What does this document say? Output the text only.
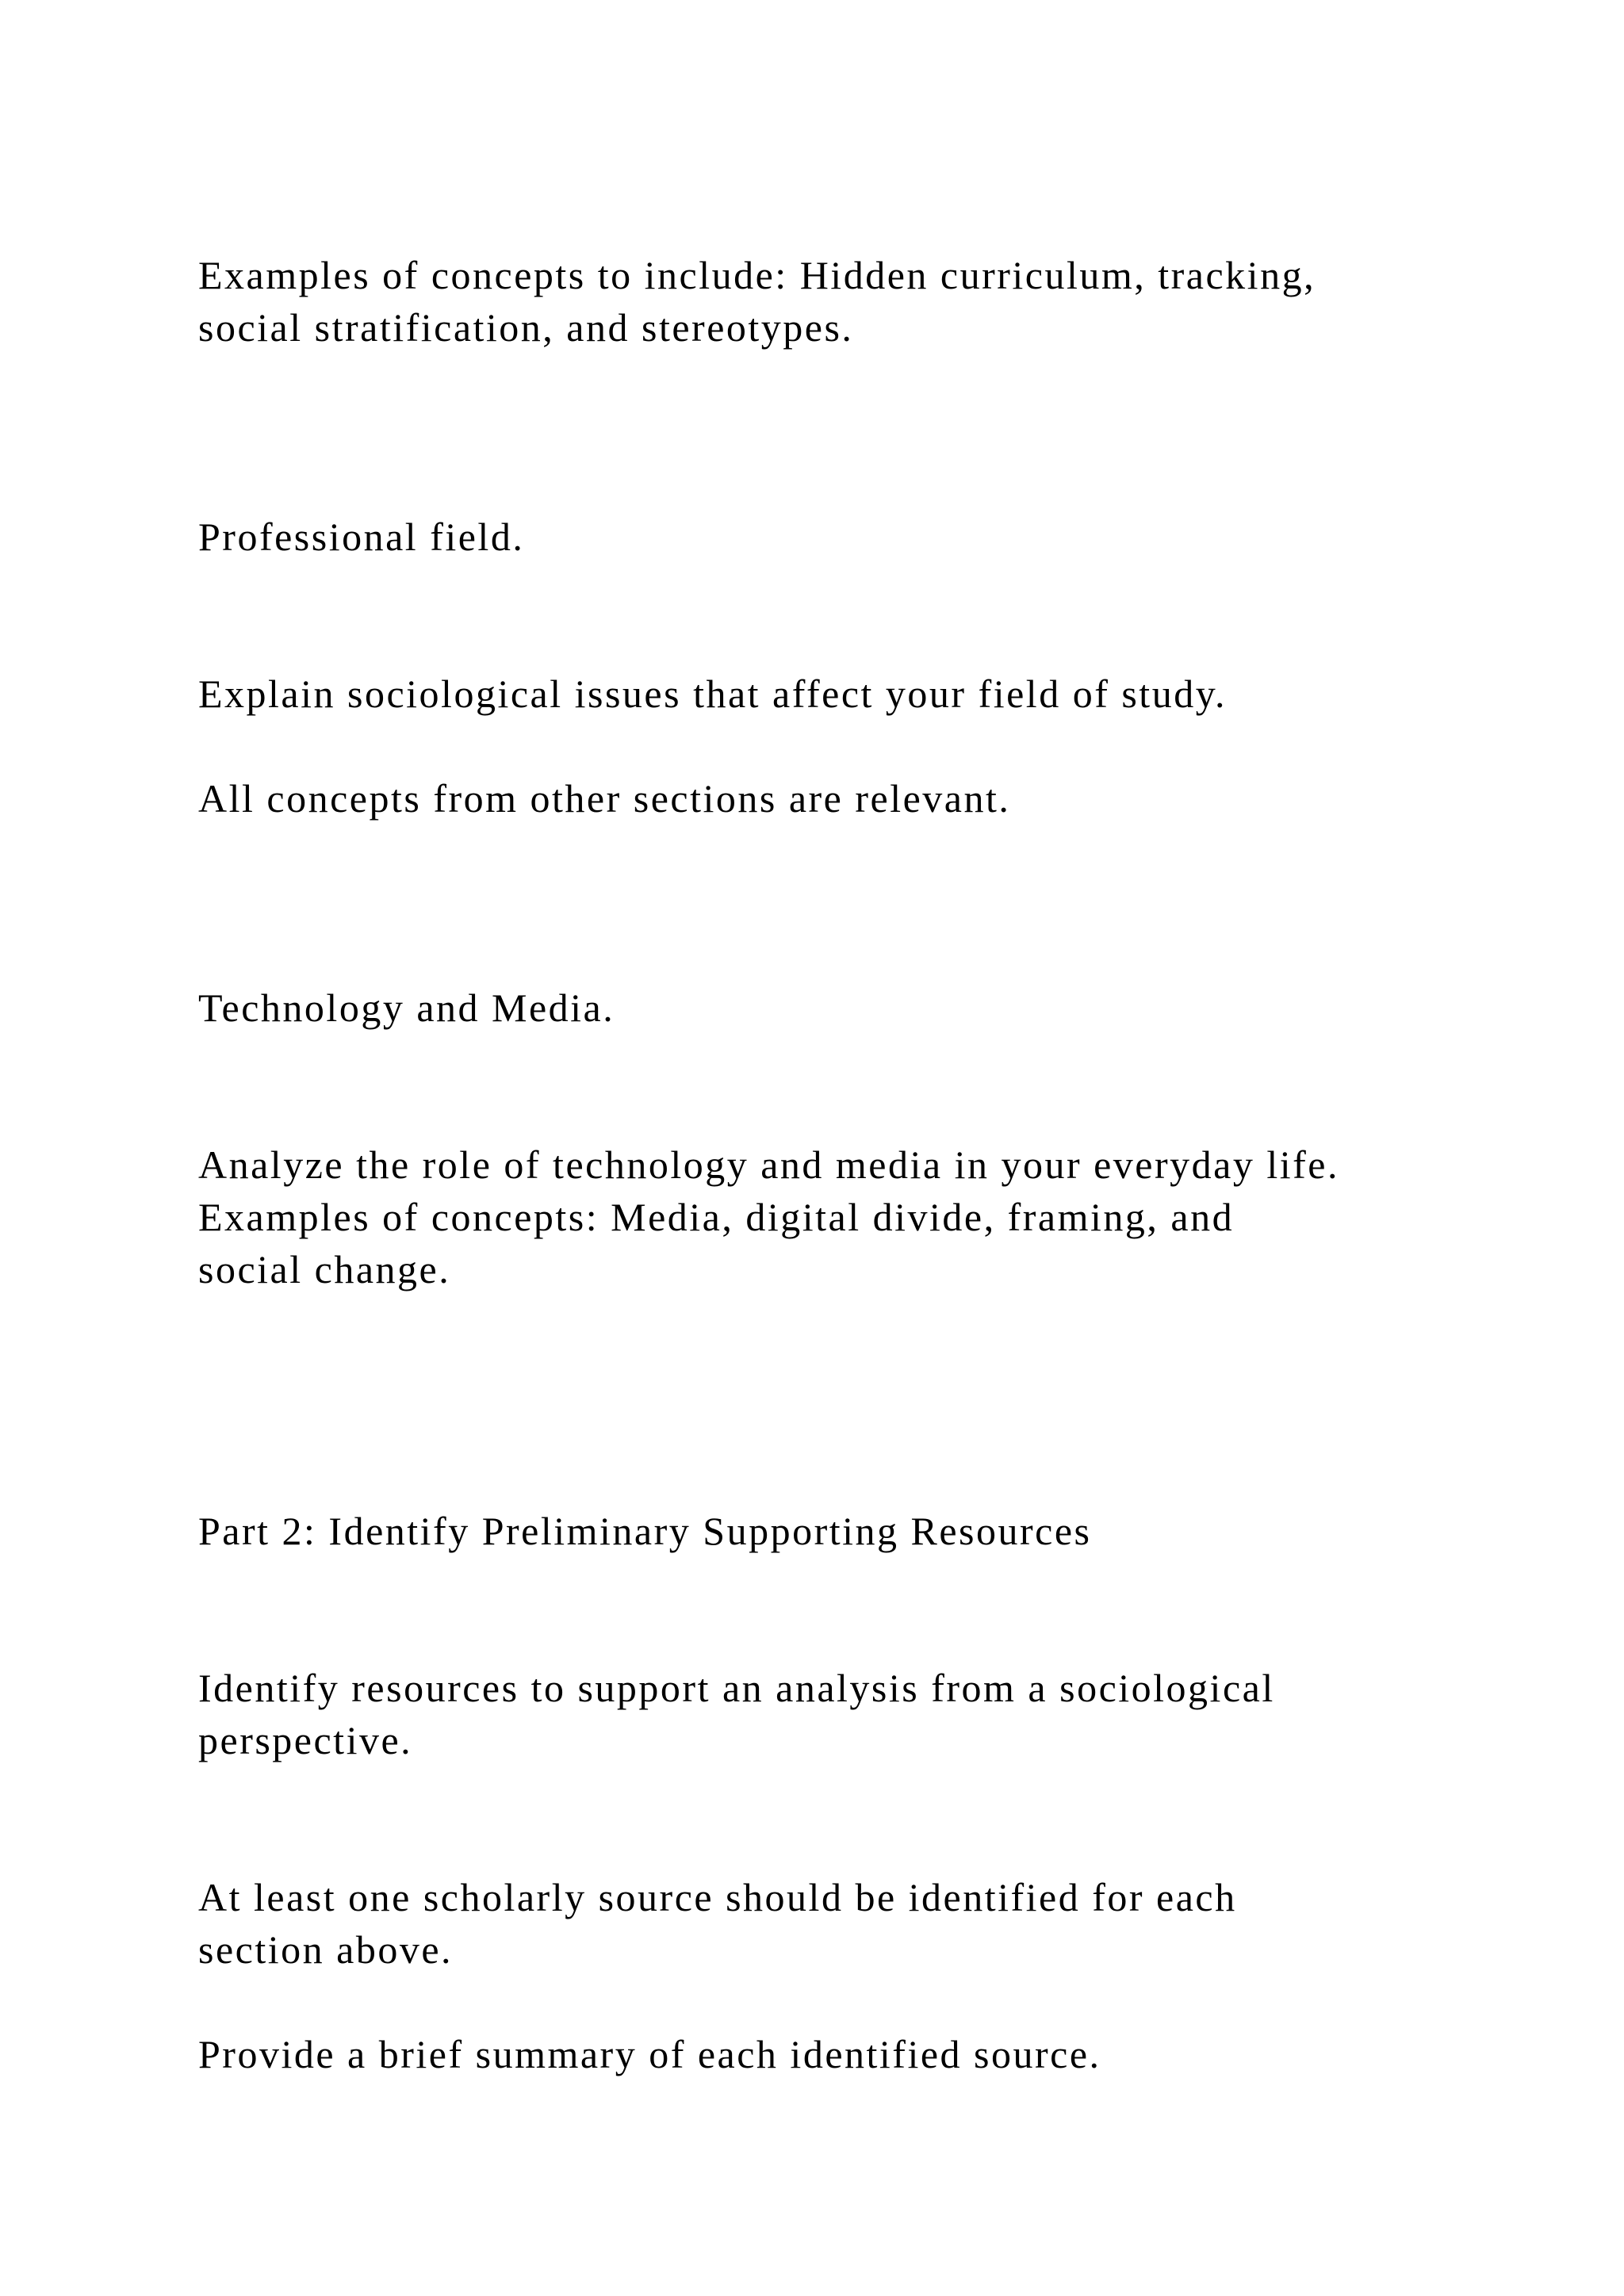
Examples of concepts to include: Hidden curriculum, tracking,

social stratification, and stereotypes.

Professional field.

Explain sociological issues that affect your field of study.

All concepts from other sections are relevant.

Technology and Media.

Analyze the role of technology and media in your everyday life.

Examples of concepts: Media, digital divide, framing, and

social change.

Part 2: Identify Preliminary Supporting Resources

Identify resources to support an analysis from a sociological

perspective.

At least one scholarly source should be identified for each

section above.

Provide a brief summary of each identified source.
